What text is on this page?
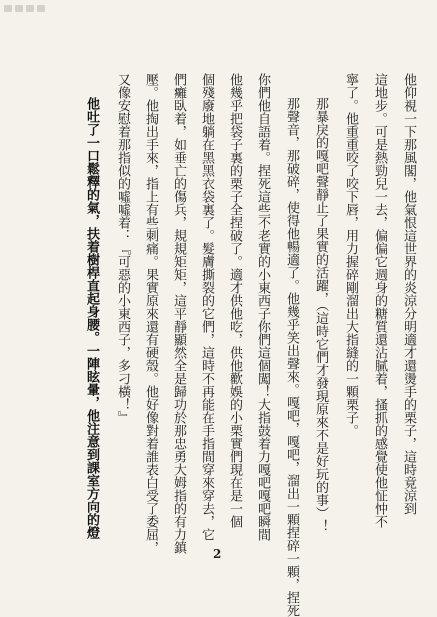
他仰視一下那風閣，他氣恨這世界的炎涼分明適才還燙手的栗子，這時竟涼到
這地步。可是熱勁兒一去，偏偏它週身的糖質還沾膩着，搔抓的感覺使他怔忡不
寧了。他重重咬了咬下唇，用力握碎剛溜出大指縫的一顆栗子。
那暴戾的嘎吧聲靜止了果實的活躍，（這時它們才發現原來不是好玩的事）！
那聲音，那破碎，使得他暢適了。他幾乎笑出聲來。嘎吧，嘎吧，溜出一顆捏碎一顆，捏死
你們他自語着。捏死這些不老實的小東西子你們這個闖！大指鼓着力嘎吧嘎吧瞬間
他幾乎把袋子裏的栗子全捏破了。適才供他吃，供他歡娛的小栗實們現在是一個
個殘廢地躺在黑黑衣袋裏了。髮膚撕裂的它們，這時不再能在手指間穿來穿去，它
們癱臥着，如垂亡的傷兵，規規矩矩，這平靜顯然全是歸功於那忠勇大姆指的有力鎮
壓。他掏出手來，指上有些刺痛。果實原來還有硬殼。他好像對着誰表白受了委屈，
又像安慰着那指似的噓噓着：『可惡的小東西子，多刁橫！』
他吐了一口鬆釋的氣，扶着樹桿直起身腰。一陣眩暈，他注意到課室方向的燈
2
